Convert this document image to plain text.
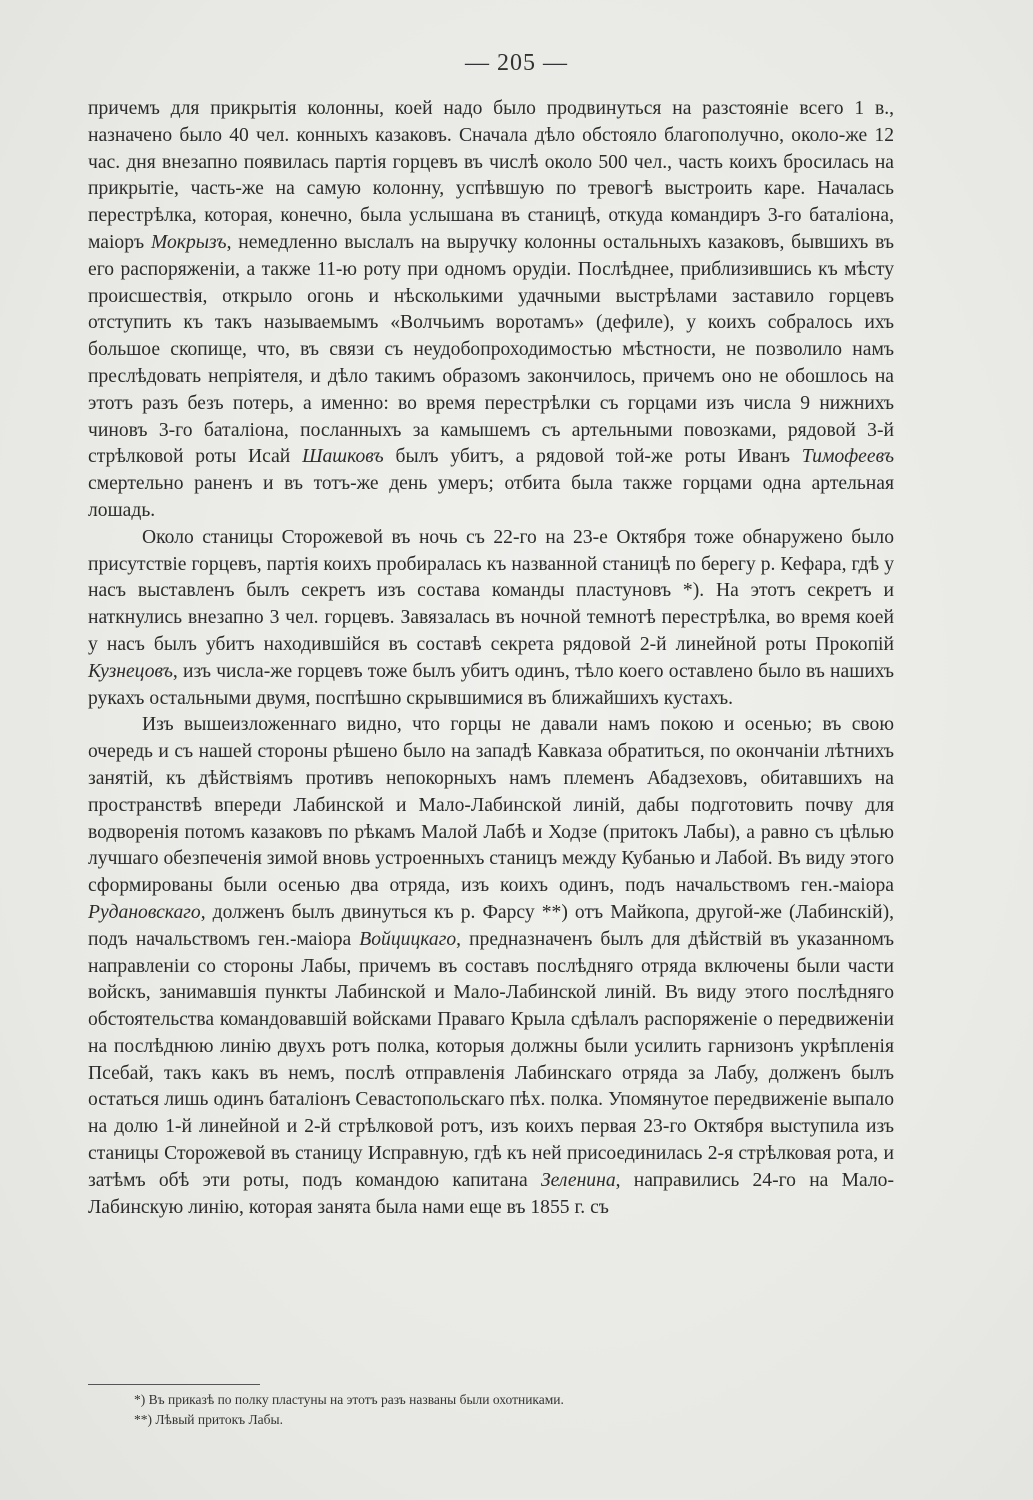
— 205 —

причемъ для прикрытія колонны, коей надо было продвинуться на разстояніе всего 1 в., назначено было 40 чел. конныхъ казаковъ. Сначала дѣло обстояло благополучно, около-же 12 час. дня внезапно появилась партія горцевъ въ числѣ около 500 чел., часть коихъ бросилась на прикрытіе, часть-же на самую колонну, успѣвшую по тревогѣ выстроить каре. Началась перестрѣлка, которая, конечно, была услышана въ станицѣ, откуда командиръ 3-го баталіона, маіоръ Мокрызъ, немедленно выслалъ на выручку колонны остальныхъ казаковъ, бывшихъ въ его распоряженіи, а также 11-ю роту при одномъ орудіи. Послѣднее, приблизившись къ мѣсту происшествія, открыло огонь и нѣсколькими удачными выстрѣлами заставило горцевъ отступить къ такъ называемымъ «Волчьимъ воротамъ» (дефиле), у коихъ собралось ихъ большое скопище, что, въ связи съ неудобопроходимостью мѣстности, не позволило намъ преслѣдовать непріятеля, и дѣло такимъ образомъ закончилось, причемъ оно не обошлось на этотъ разъ безъ потерь, а именно: во время перестрѣлки съ горцами изъ числа 9 нижнихъ чиновъ 3-го баталіона, посланныхъ за камышемъ съ артельными повозками, рядовой 3-й стрѣлковой роты Исай Шашковъ былъ убитъ, а рядовой той-же роты Иванъ Тимофеевъ смертельно раненъ и въ тотъ-же день умеръ; отбита была также горцами одна артельная лошадь.

Около станицы Сторожевой въ ночь съ 22-го на 23-е Октября тоже обнаружено было присутствіе горцевъ, партія коихъ пробиралась къ названной станицѣ по берегу р. Кефара, гдѣ у насъ выставленъ былъ секретъ изъ состава команды пластуновъ *). На этотъ секретъ и наткнулись внезапно 3 чел. горцевъ. Завязалась въ ночной темнотѣ перестрѣлка, во время коей у насъ былъ убитъ находившійся въ составѣ секрета рядовой 2-й линейной роты Прокопій Кузнецовъ, изъ числа-же горцевъ тоже былъ убитъ одинъ, тѣло коего оставлено было въ нашихъ рукахъ остальными двумя, поспѣшно скрывшимися въ ближайшихъ кустахъ.

Изъ вышеизложеннаго видно, что горцы не давали намъ покою и осенью; въ свою очередь и съ нашей стороны рѣшено было на западѣ Кавказа обратиться, по окончаніи лѣтнихъ занятій, къ дѣйствіямъ противъ непокорныхъ намъ племенъ Абадзеховъ, обитавшихъ на пространствѣ впереди Лабинской и Мало-Лабинской линій, дабы подготовить почву для водворенія потомъ казаковъ по рѣкамъ Малой Лабѣ и Ходзе (притокъ Лабы), а равно съ цѣлью лучшаго обезпеченія зимой вновь устроенныхъ станицъ между Кубанью и Лабой. Въ виду этого сформированы были осенью два отряда, изъ коихъ одинъ, подъ начальствомъ ген.-маіора Рудановскаго, долженъ былъ двинуться къ р. Фарсу **) отъ Майкопа, другой-же (Лабинскій), подъ начальствомъ ген.-маіора Войцицкаго, предназначенъ былъ для дѣйствій въ указанномъ направленіи со стороны Лабы, причемъ въ составъ послѣдняго отряда включены были части войскъ, занимавшія пункты Лабинской и Мало-Лабинской линій. Въ виду этого послѣдняго обстоятельства командовавшій войсками Праваго Крыла сдѣлалъ распоряженіе о передвиженіи на послѣднюю линію двухъ ротъ полка, которыя должны были усилить гарнизонъ укрѣпленія Псебай, такъ какъ въ немъ, послѣ отправленія Лабинскаго отряда за Лабу, долженъ былъ остаться лишь одинъ баталіонъ Севастопольскаго пѣх. полка. Упомянутое передвиженіе выпало на долю 1-й линейной и 2-й стрѣлковой ротъ, изъ коихъ первая 23-го Октября выступила изъ станицы Сторожевой въ станицу Исправную, гдѣ къ ней присоединилась 2-я стрѣлковая рота, и затѣмъ обѣ эти роты, подъ командою капитана Зеленина, направились 24-го на Мало-Лабинскую линію, которая занята была нами еще въ 1855 г. съ

*) Въ приказѣ по полку пластуны на этотъ разъ названы были охотниками.
**) Лѣвый притокъ Лабы.
